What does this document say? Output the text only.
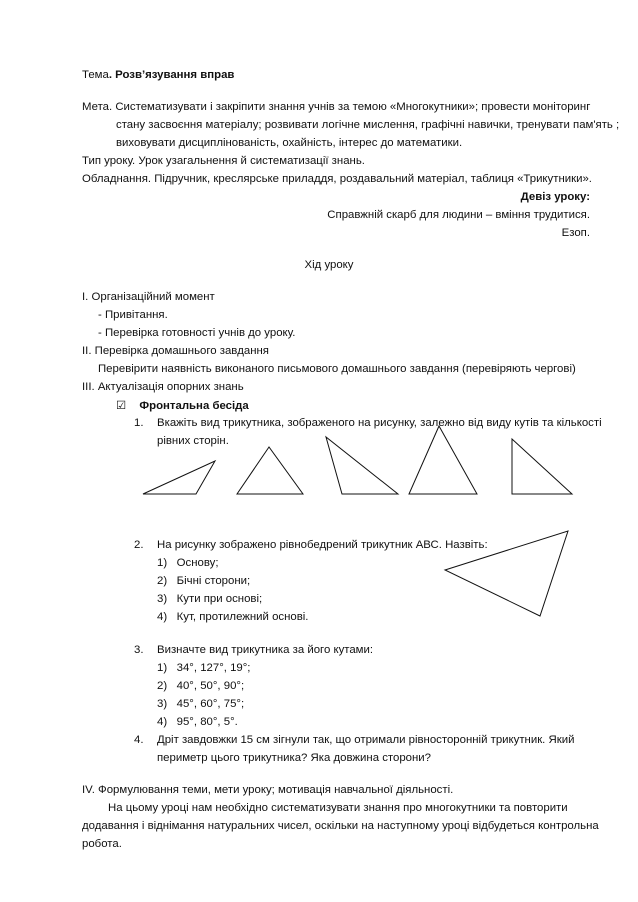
Тема. Розв’язування вправ
Мета. Систематизувати і закріпити знання учнів за темою «Многокутники»; провести моніторинг
стану засвоєння матеріалу; розвивати логічне мислення, графічні навички, тренувати пам'ять ;
виховувати дисциплінованість, охайність, інтерес до математики.
Тип уроку. Урок узагальнення й систематизації знань.
Обладнання. Підручник, креслярське приладдя, роздавальний матеріал, таблиця «Трикутники».
Девіз уроку:
Справжній скарб для людини – вміння трудитися.
Езоп.
Хід уроку
I. Організаційний момент
- Привітання.
- Перевірка готовності учнів до уроку.
II. Перевірка домашнього завдання
Перевірити наявність виконаного письмового домашнього завдання (перевіряють чергові)
III. Актуалізація опорних знань
☑ Фронтальна бесіда
1. Вкажіть вид трикутника, зображеного на рисунку, залежно від виду кутів та кількості
рівних сторін.
2. На рисунку зображено рівнобедрений трикутник АВС. Назвіть:
1) Основу;
2) Бічні сторони;
3) Кути при основі;
4) Кут, протилежний основі.
3. Визначте вид трикутника за його кутами:
1) 34°, 127°, 19°;
2) 40°, 50°, 90°;
3) 45°, 60°, 75°;
4) 95°, 80°, 5°.
4. Дріт завдовжки 15 см зігнули так, що отримали рівносторонній трикутник. Який
периметр цього трикутника? Яка довжина сторони?
IV. Формулювання теми, мети уроку; мотивація навчальної діяльності.
На цьому уроці нам необхідно систематизувати знання про многокутники та повторити
додавання і віднімання натуральних чисел, оскільки на наступному уроці відбудеться контрольна
робота.
